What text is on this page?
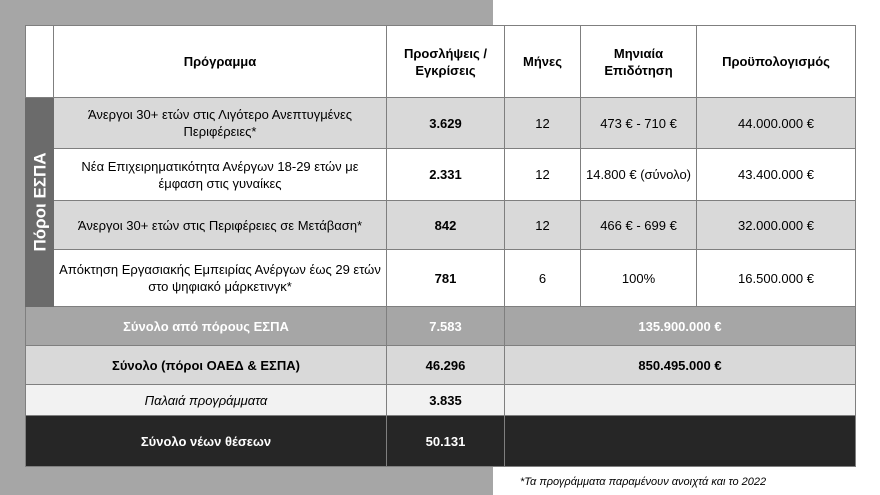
	Πρόγραμμα	Προσλήψεις / Εγκρίσεις	Μήνες	Μηνιαία Επιδότηση	Προϋπολογισμός

Πόροι ΕΣΠΑ	Άνεργοι 30+ ετών στις Λιγότερο Ανεπτυγμένες Περιφέρειες*	3.629	12	473 € - 710 €	44.000.000 €
	Νέα Επιχειρηματικότητα Ανέργων 18-29 ετών με έμφαση στις γυναίκες	2.331	12	14.800 € (σύνολο)	43.400.000 €
	Άνεργοι 30+ ετών στις Περιφέρειες σε Μετάβαση*	842	12	466 € - 699 €	32.000.000 €
	Απόκτηση Εργασιακής Εμπειρίας Ανέργων έως 29 ετών στο ψηφιακό μάρκετινγκ*	781	6	100%	16.500.000 €
Σύνολο από πόρους ΕΣΠΑ		7.583	135.900.000 €		
Σύνολο (πόροι ΟΑΕΔ & ΕΣΠΑ)		46.296	850.495.000 €		
Παλαιά προγράμματα		3.835			
Σύνολο νέων θέσεων		50.131			
*Τα προγράμματα παραμένουν ανοιχτά και το 2022
